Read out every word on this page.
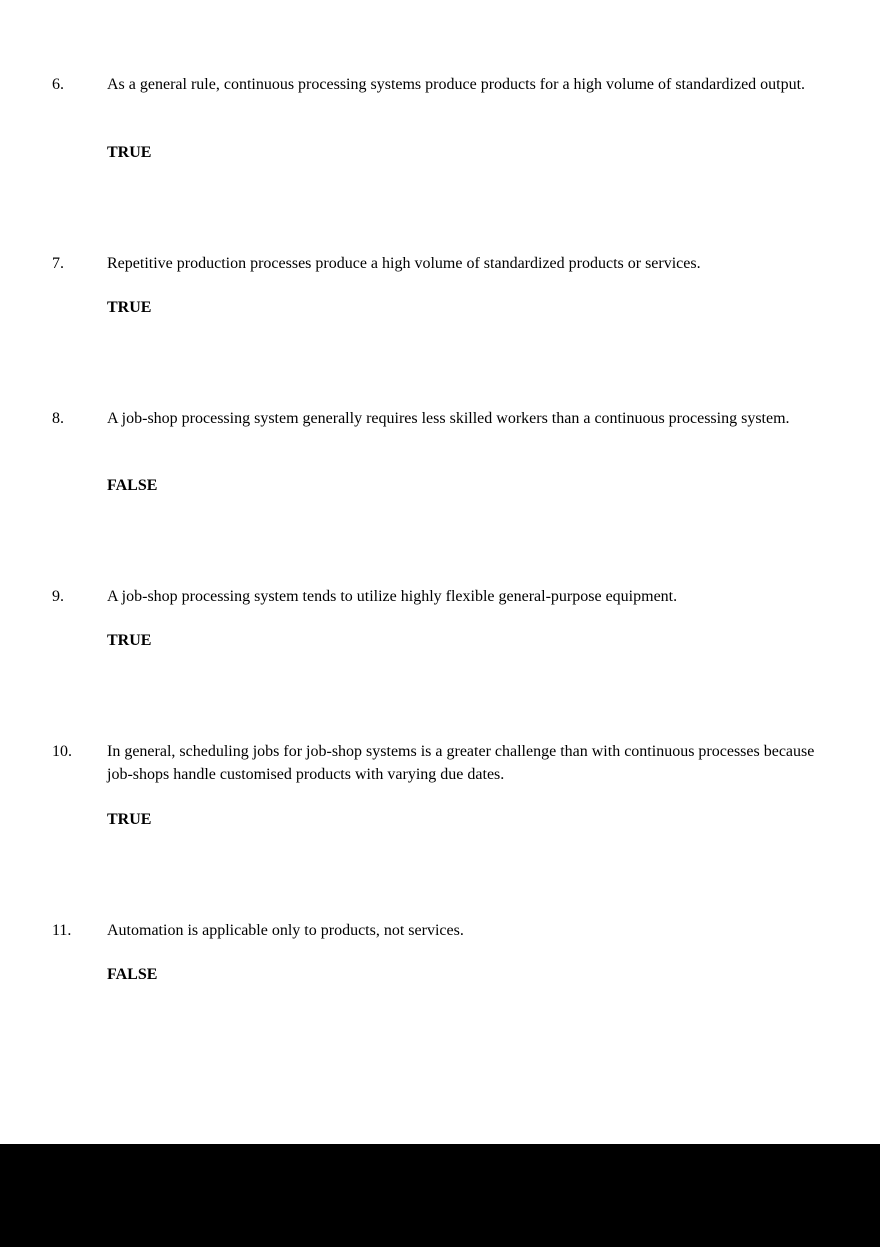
6.	As a general rule, continuous processing systems produce products for a high volume of standardized output.
TRUE
7.	Repetitive production processes produce a high volume of standardized products or services.
TRUE
8.	A job-shop processing system generally requires less skilled workers than a continuous processing system.
FALSE
9.	A job-shop processing system tends to utilize highly flexible general-purpose equipment.
TRUE
10. In general, scheduling jobs for job-shop systems is a greater challenge than with continuous processes because job-shops handle customised products with varying due dates.
TRUE
11. Automation is applicable only to products, not services.
FALSE
